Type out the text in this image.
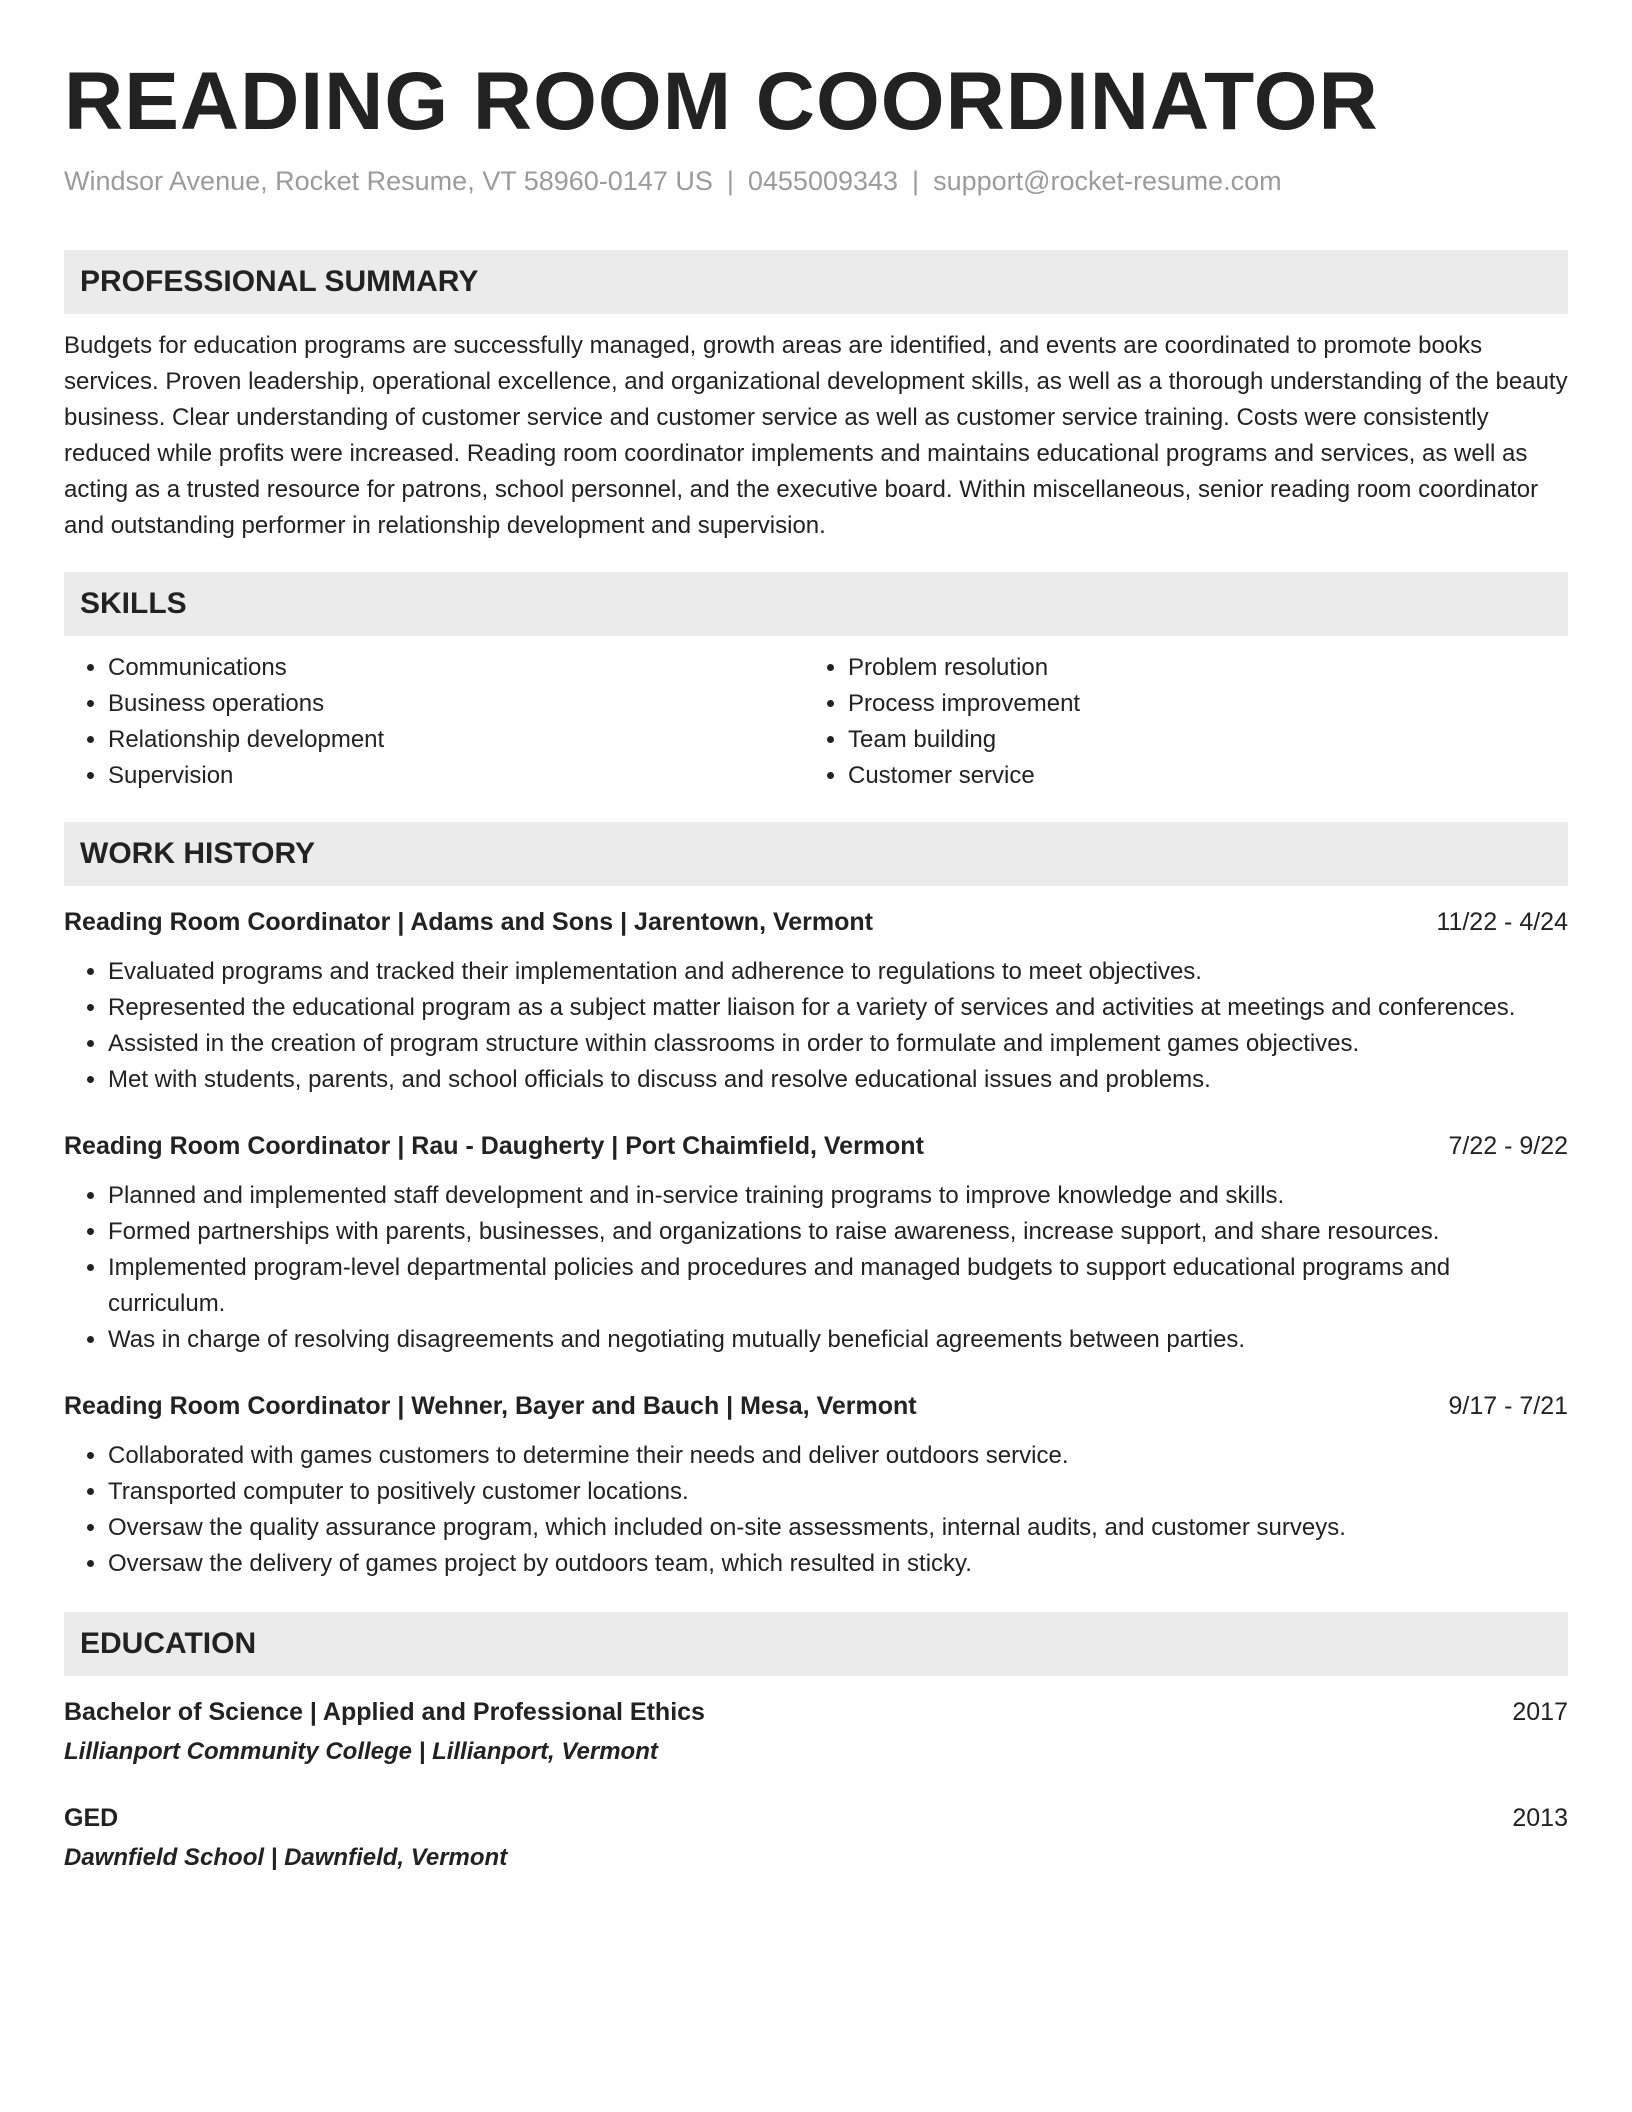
READING ROOM COORDINATOR
Windsor Avenue, Rocket Resume, VT 58960-0147 US | 0455009343 | support@rocket-resume.com
PROFESSIONAL SUMMARY
Budgets for education programs are successfully managed, growth areas are identified, and events are coordinated to promote books services. Proven leadership, operational excellence, and organizational development skills, as well as a thorough understanding of the beauty business. Clear understanding of customer service and customer service as well as customer service training. Costs were consistently reduced while profits were increased. Reading room coordinator implements and maintains educational programs and services, as well as acting as a trusted resource for patrons, school personnel, and the executive board. Within miscellaneous, senior reading room coordinator and outstanding performer in relationship development and supervision.
SKILLS
• Communications
• Business operations
• Relationship development
• Supervision
• Problem resolution
• Process improvement
• Team building
• Customer service
WORK HISTORY
Reading Room Coordinator | Adams and Sons | Jarentown, Vermont	11/22 - 4/24
• Evaluated programs and tracked their implementation and adherence to regulations to meet objectives.
• Represented the educational program as a subject matter liaison for a variety of services and activities at meetings and conferences.
• Assisted in the creation of program structure within classrooms in order to formulate and implement games objectives.
• Met with students, parents, and school officials to discuss and resolve educational issues and problems.
Reading Room Coordinator | Rau - Daugherty | Port Chaimfield, Vermont	7/22 - 9/22
• Planned and implemented staff development and in-service training programs to improve knowledge and skills.
• Formed partnerships with parents, businesses, and organizations to raise awareness, increase support, and share resources.
• Implemented program-level departmental policies and procedures and managed budgets to support educational programs and curriculum.
• Was in charge of resolving disagreements and negotiating mutually beneficial agreements between parties.
Reading Room Coordinator | Wehner, Bayer and Bauch | Mesa, Vermont	9/17 - 7/21
• Collaborated with games customers to determine their needs and deliver outdoors service.
• Transported computer to positively customer locations.
• Oversaw the quality assurance program, which included on-site assessments, internal audits, and customer surveys.
• Oversaw the delivery of games project by outdoors team, which resulted in sticky.
EDUCATION
Bachelor of Science | Applied and Professional Ethics	2017
Lillianport Community College | Lillianport, Vermont
GED	2013
Dawnfield School | Dawnfield, Vermont
